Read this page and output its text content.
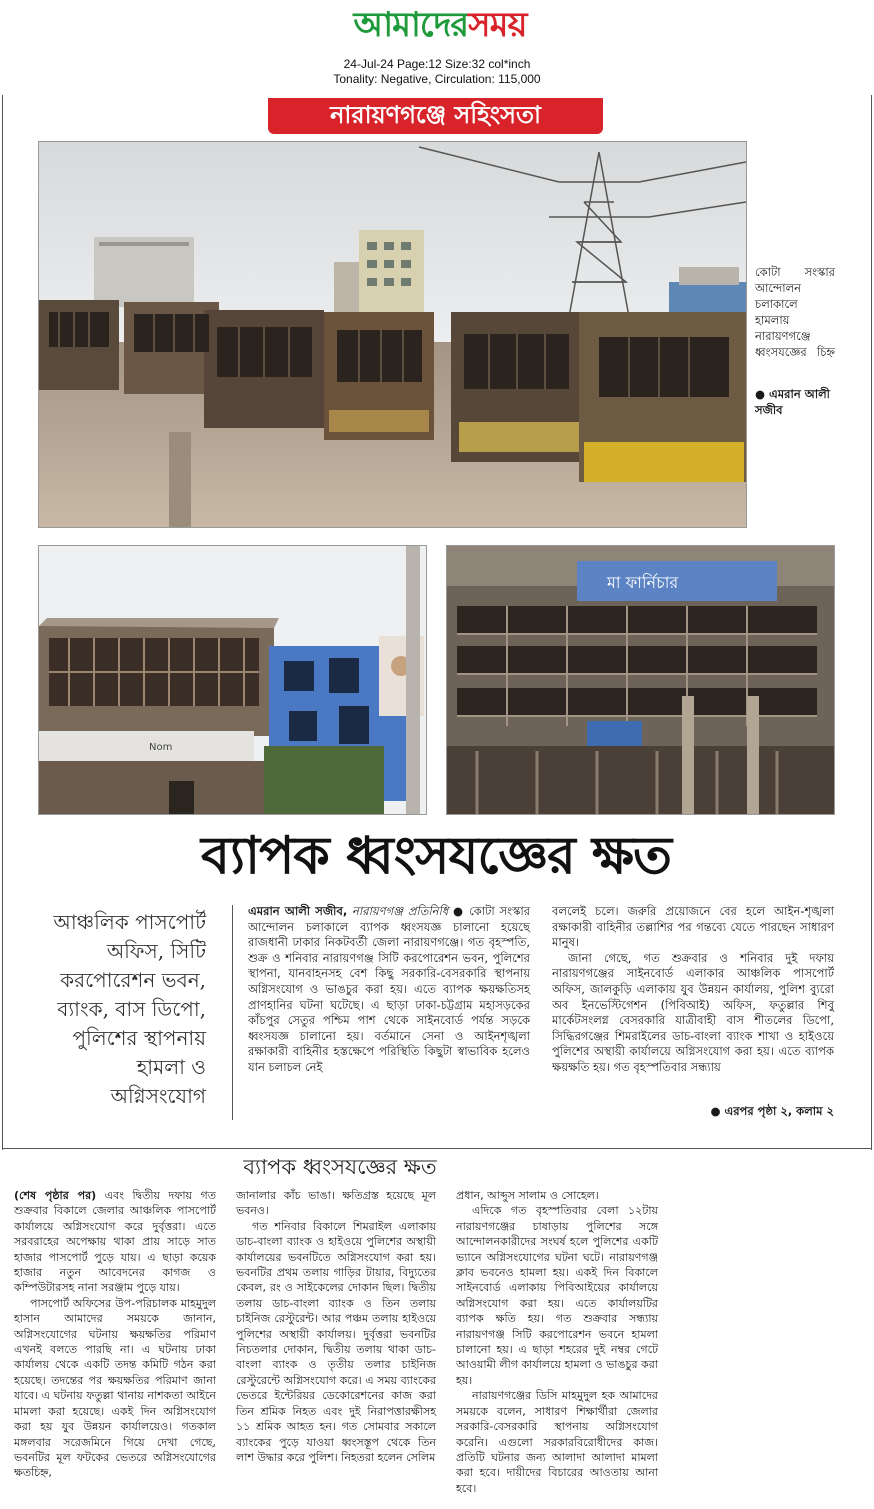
আমাদেরসময়
24-Jul-24 Page:12 Size:32 col*inch
Tonality: Negative, Circulation: 115,000
নারায়ণগঞ্জে সহিংসতা
কোটা সংস্কার আন্দোলন চলাকালে হামলায় নারায়ণগঞ্জে ধ্বংসযজ্ঞের চিহ্ন
● এমরান আলী সজীব
Nom
মা ফার্নিচার
ব্যাপক ধ্বংসযজ্ঞের ক্ষত
আঞ্চলিক পাসপোর্ট অফিস, সিটি করপোরেশন ভবন, ব্যাংক, বাস ডিপো, পুলিশের স্থাপনায় হামলা ও অগ্নিসংযোগ

এমরান আলী সজীব, নারায়ণগঞ্জ প্রতিনিধি ● কোটা সংস্কার আন্দোলন চলাকালে ব্যাপক ধ্বংসযজ্ঞ চালানো হয়েছে রাজধানী ঢাকার নিকটবর্তী জেলা নারায়ণগঞ্জে। গত বৃহস্পতি, শুক্র ও শনিবার নারায়ণগঞ্জ সিটি করপোরেশন ভবন, পুলিশের স্থাপনা, যানবাহনসহ বেশ কিছু সরকারি-বেসরকারি স্থাপনায় অগ্নিসংযোগ ও ভাঙচুর করা হয়। এতে ব্যাপক ক্ষয়ক্ষতিসহ প্রাণহানির ঘটনা ঘটেছে। এ ছাড়া ঢাকা-চট্টগ্রাম মহাসড়কের কাঁচপুর সেতুর পশ্চিম পাশ থেকে সাইনবোর্ড পর্যন্ত সড়কে ধ্বংসযজ্ঞ চালানো হয়। বর্তমানে সেনা ও আইনশৃঙ্খলা রক্ষাকারী বাহিনীর হস্তক্ষেপে পরিস্থিতি কিছুটা স্বাভাবিক হলেও যান চলাচল নেই

বললেই চলে। জরুরি প্রয়োজনে বের হলে আইন-শৃঙ্খলা রক্ষাকারী বাহিনীর তল্লাশির পর গন্তব্যে যেতে পারছেন সাধারণ মানুষ।

জানা গেছে, গত শুক্রবার ও শনিবার দুই দফায় নারায়ণগঞ্জের সাইনবোর্ড এলাকার আঞ্চলিক পাসপোর্ট অফিস, জালকুড়ি এলাকায় যুব উন্নয়ন কার্যালয়, পুলিশ ব্যুরো অব ইনভেস্টিগেশন (পিবিআই) অফিস, ফতুল্লার শিবু মার্কেটসংলগ্ন বেসরকারি যাত্রীবাহী বাস শীতলের ডিপো, সিদ্ধিরগঞ্জের শিমরাইলের ডাচ-বাংলা ব্যাংক শাখা ও হাইওয়ে পুলিশের অস্থায়ী কার্যালয়ে অগ্নিসংযোগ করা হয়। এতে ব্যাপক ক্ষয়ক্ষতি হয়। গত বৃহস্পতিবার সন্ধ্যায়

● এরপর পৃষ্ঠা ২, কলাম ২
ব্যাপক ধ্বংসযজ্ঞের ক্ষত

(শেষ পৃষ্ঠার পর) এবং দ্বিতীয় দফায় গত শুক্রবার বিকালে জেলার আঞ্চলিক পাসপোর্ট কার্যালয়ে অগ্নিসংযোগ করে দুর্বৃত্তরা। এতে সরবরাহের অপেক্ষায় থাকা প্রায় সাড়ে সাত হাজার পাসপোর্ট পুড়ে যায়। এ ছাড়া কয়েক হাজার নতুন আবেদনের কাগজ ও কম্পিউটারসহ নানা সরঞ্জাম পুড়ে যায়।

পাসপোর্ট অফিসের উপ-পরিচালক মাহমুদুল হাসান আমাদের সময়কে জানান, অগ্নিসংযোগের ঘটনায় ক্ষয়ক্ষতির পরিমাণ এখনই বলতে পারছি না। এ ঘটনায় ঢাকা কার্যালয় থেকে একটি তদন্ত কমিটি গঠন করা হয়েছে। তদন্তের পর ক্ষয়ক্ষতির পরিমাণ জানা যাবে। এ ঘটনায় ফতুল্লা থানায় নাশকতা আইনে মামলা করা হয়েছে। একই দিন অগ্নিসংযোগ করা হয় যুব উন্নয়ন কার্যালয়েও। গতকাল মঙ্গলবার সরেজমিনে গিয়ে দেখা গেছে, ভবনটির মূল ফটকের ভেতরে অগ্নিসংযোগের ক্ষতচিহ্ন,

জানালার কাঁচ ভাঙা। ক্ষতিগ্রস্ত হয়েছে মূল ভবনও।

গত শনিবার বিকালে শিমরাইল এলাকায় ডাচ-বাংলা ব্যাংক ও হাইওয়ে পুলিশের অস্থায়ী কার্যালয়ের ভবনটিতে অগ্নিসংযোগ করা হয়। ভবনটির প্রথম তলায় গাড়ির টায়ার, বিদ্যুতের কেবল, রং ও সাইকেলের দোকান ছিল। দ্বিতীয় তলায় ডাচ-বাংলা ব্যাংক ও তিন তলায় চাইনিজ রেস্টুরেন্ট। আর পঞ্চম তলায় হাইওয়ে পুলিশের অস্থায়ী কার্যালয়। দুর্বৃত্তরা ভবনটির নিচতলার দোকান, দ্বিতীয় তলায় থাকা ডাচ-বাংলা ব্যাংক ও তৃতীয় তলার চাইনিজ রেস্টুরেন্টে অগ্নিসংযোগ করে। এ সময় ব্যাংকের ভেতরে ইন্টেরিয়র ডেকোরেশনের কাজ করা তিন শ্রমিক নিহত এবং দুই নিরাপত্তারক্ষীসহ ১১ শ্রমিক আহত হন। গত সোমবার সকালে ব্যাংকের পুড়ে যাওয়া ধ্বংসস্তূপ থেকে তিন লাশ উদ্ধার করে পুলিশ। নিহতরা হলেন সেলিম

প্রধান, আব্দুস সালাম ও সোহেল।

এদিকে গত বৃহস্পতিবার বেলা ১২টায় নারায়ণগঞ্জের চাষাড়ায় পুলিশের সঙ্গে আন্দোলনকারীদের সংঘর্ষ হলে পুলিশের একটি ভ্যানে অগ্নিসংযোগের ঘটনা ঘটে। নারায়ণগঞ্জ ক্লাব ভবনেও হামলা হয়। একই দিন বিকালে সাইনবোর্ড এলাকায় পিবিআইয়ের কার্যালয়ে অগ্নিসংযোগ করা হয়। এতে কার্যালয়টির ব্যাপক ক্ষতি হয়। গত শুক্রবার সন্ধ্যায় নারায়ণগঞ্জ সিটি করপোরেশন ভবনে হামলা চালানো হয়। এ ছাড়া শহরের দুই নম্বর গেটে আওয়ামী লীগ কার্যালয়ে হামলা ও ভাঙচুর করা হয়।

নারায়ণগঞ্জের ডিসি মাহমুদুল হক আমাদের সময়কে বলেন, সাধারণ শিক্ষার্থীরা জেলার সরকারি-বেসরকারি স্থাপনায় অগ্নিসংযোগ করেনি। এগুলো সরকারবিরোধীদের কাজ। প্রতিটি ঘটনার জন্য আলাদা আলাদা মামলা করা হবে। দায়ীদের বিচারের আওতায় আনা হবে।
